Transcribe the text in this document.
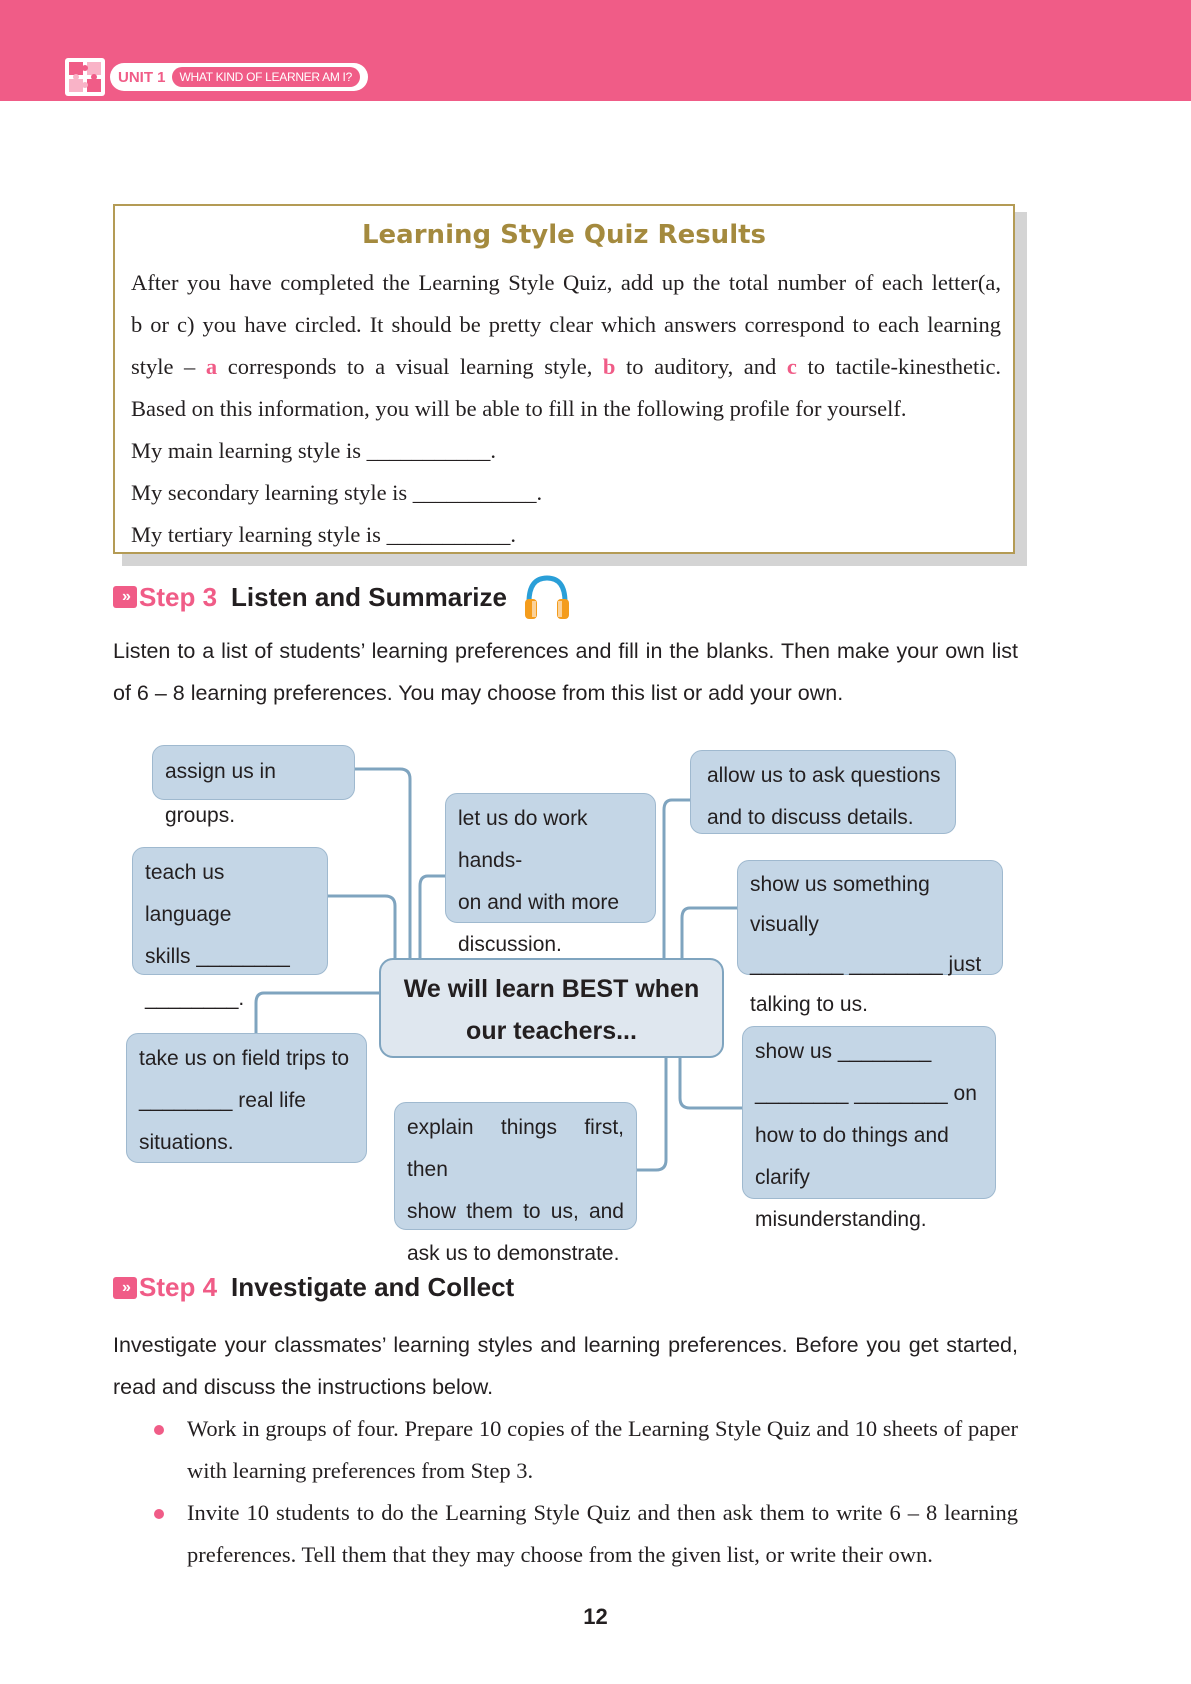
UNIT 1	WHAT KIND OF LEARNER AM I?
Learning Style Quiz Results

After you have completed the Learning Style Quiz, add up the total number of each letter(a,

b or c) you have circled. It should be pretty clear which answers correspond to each learning

style – a corresponds to a visual learning style, b to auditory, and c to tactile-kinesthetic.

Based on this information, you will be able to fill in the following profile for yourself.

My main learning style is ___________.

My secondary learning style is ___________.

My tertiary learning style is ___________.

» Step 3 Listen and Summarize
Listen to a list of students’ learning preferences and fill in the blanks. Then make your own list of 6 – 8 learning preferences. You may choose from this list or add your own.
assign us in groups.	let us do work hands-
on and with more
discussion.
allow us to ask questions
and to discuss details.
teach us language
skills ________
________.
show us something visually
________ ________ just
talking to us.
We will learn BEST when
our teachers...
take us on field trips to
________ real life
situations.
explain things first, then
show them to us, and
ask us to demonstrate.
show us ________
________ ________ on
how to do things and
clarify misunderstanding.
» Step 4 Investigate and Collect
Investigate your classmates’ learning styles and learning preferences. Before you get started, read and discuss the instructions below.
Work in groups of four. Prepare 10 copies of the Learning Style Quiz and 10 sheets of paper with learning preferences from Step 3.
Invite 10 students to do the Learning Style Quiz and then ask them to write 6 – 8 learning preferences. Tell them that they may choose from the given list, or write their own.
12
